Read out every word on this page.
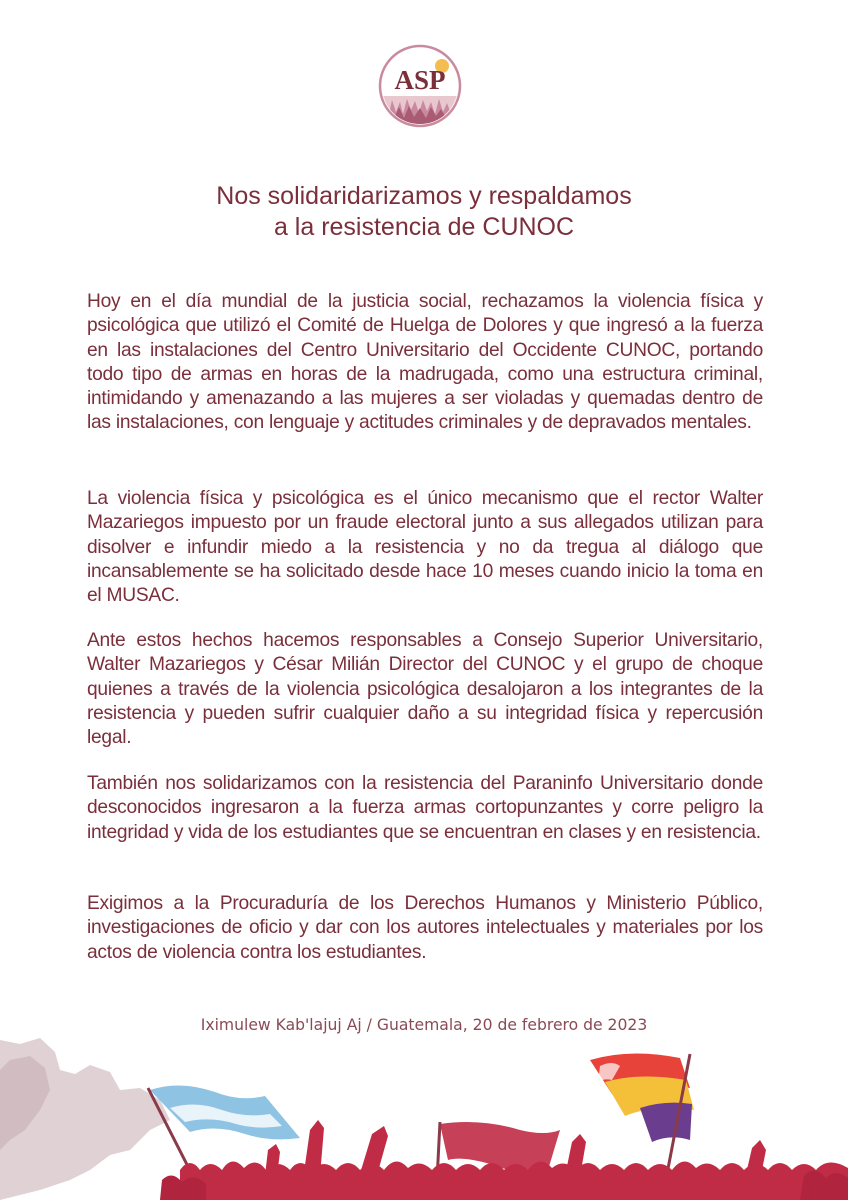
ASP
Nos solidaridarizamos y respaldamos
a la resistencia de CUNOC

Hoy en el día mundial de la justicia social, rechazamos la violencia física y psicológica que utilizó el Comité de Huelga de Dolores y que ingresó a la fuerza en las instalaciones del Centro Universitario del Occidente CUNOC, portando todo tipo de armas en horas de la madrugada, como una estructura criminal, intimidando y amenazando a las mujeres a ser violadas y quemadas dentro de las instalaciones, con lenguaje y actitudes criminales y de depravados mentales.

La violencia física y psicológica es el único mecanismo que el rector Walter Mazariegos impuesto por un fraude electoral junto a sus allegados utilizan para disolver e infundir miedo a la resistencia y no da tregua al diálogo que incansablemente se ha solicitado desde hace 10 meses cuando inicio la toma en el MUSAC.

Ante estos hechos hacemos responsables a Consejo Superior Universitario, Walter Mazariegos y César Milián Director del CUNOC y el grupo de choque quienes a través de la violencia psicológica desalojaron a los integrantes de la resistencia y pueden sufrir cualquier daño a su integridad física y repercusión legal.

También nos solidarizamos con la resistencia del Paraninfo Universitario donde desconocidos ingresaron a la fuerza armas cortopunzantes y corre peligro la integridad y vida de los estudiantes que se encuentran en clases y en resistencia.

Exigimos a la Procuraduría de los Derechos Humanos y Ministerio Público, investigaciones de oficio y dar con los autores intelectuales y materiales por los actos de violencia contra los estudiantes.

Iximulew Kab'lajuj Aj / Guatemala, 20 de febrero de 2023
